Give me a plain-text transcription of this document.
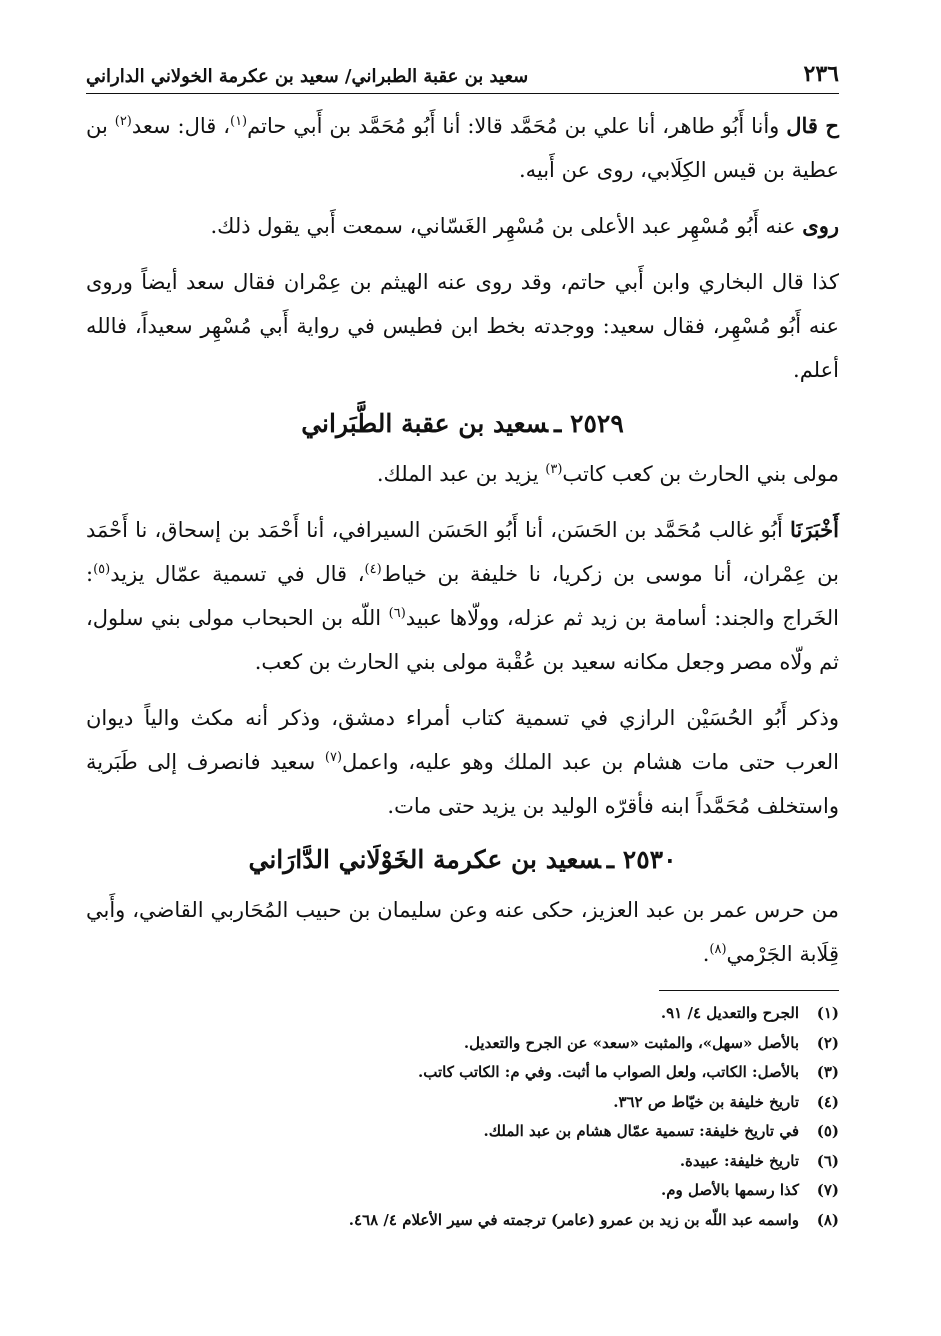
٢٣٦
سعيد بن عقبة الطبراني/ سعيد بن عكرمة الخولاني الداراني

ح قال وأنا أَبُو طاهر، أنا علي بن مُحَمَّد قالا: أنا أَبُو مُحَمَّد بن أَبي حاتم$^{(١)}$، قال: سعد$^{(٢)}$ بن عطية بن قيس الكِلَابي، روى عن أَبيه.

روى عنه أَبُو مُسْهِر عبد الأعلى بن مُسْهِر الغَسّاني، سمعت أَبي يقول ذلك.

كذا قال البخاري وابن أَبي حاتم، وقد روى عنه الهيثم بن عِمْران فقال سعد أيضاً وروى عنه أَبُو مُسْهِر، فقال سعيد: ووجدته بخط ابن فطيس في رواية أَبي مُسْهِر سعيداً، فالله أعلم.

٢٥٢٩ ـسعيد بن عقبة الطَّبَراني

مولى بني الحارث بن كعب كاتب$^{(٣)}$ يزيد بن عبد الملك.

أَخْبَرَنَا أَبُو غالب مُحَمَّد بن الحَسَن، أنا أَبُو الحَسَن السيرافي، أنا أَحْمَد بن إسحاق، نا أَحْمَد بن عِمْران، أنا موسى بن زكريا، نا خليفة بن خياط$^{(٤)}$، قال في تسمية عمّال يزيد$^{(٥)}$: الخَراج والجند: أسامة بن زيد ثم عزله، وولّاها عبيد$^{(٦)}$ اللّه بن الحبحاب مولى بني سلول، ثم ولّاه مصر وجعل مكانه سعيد بن عُقْبة مولى بني الحارث بن كعب.

وذكر أَبُو الحُسَيْن الرازي في تسمية كتاب أمراء دمشق، وذكر أنه مكث والياً ديوان العرب حتى مات هشام بن عبد الملك وهو عليه، واعمل$^{(٧)}$ سعيد فانصرف إلى طَبَرية واستخلف مُحَمَّداً ابنه فأقرّه الوليد بن يزيد حتى مات.

٢٥٣٠ ـسعيد بن عكرمة الخَوْلَاني الدَّارَاني

من حرس عمر بن عبد العزيز، حكى عنه وعن سليمان بن حبيب المُحَاربي القاضي، وأَبي قِلَابة الجَرْمي$^{(٨)}$.

(١)
الجرح والتعديل ٤/ ٩١.
(٢)
بالأصل «سهل»، والمثبت «سعد» عن الجرح والتعديل.
(٣)
بالأصل: الكاتب، ولعل الصواب ما أثبت. وفي م: الكاتب كاتب.
(٤)
تاريخ خليفة بن خيّاط ص ٣٦٢.
(٥)
في تاريخ خليفة: تسمية عمّال هشام بن عبد الملك.
(٦)
تاريخ خليفة: عبيدة.
(٧)
كذا رسمها بالأصل وم.
(٨)
واسمه عبد اللّه بن زيد بن عمرو (عامر) ترجمته في سير الأعلام ٤/ ٤٦٨.
